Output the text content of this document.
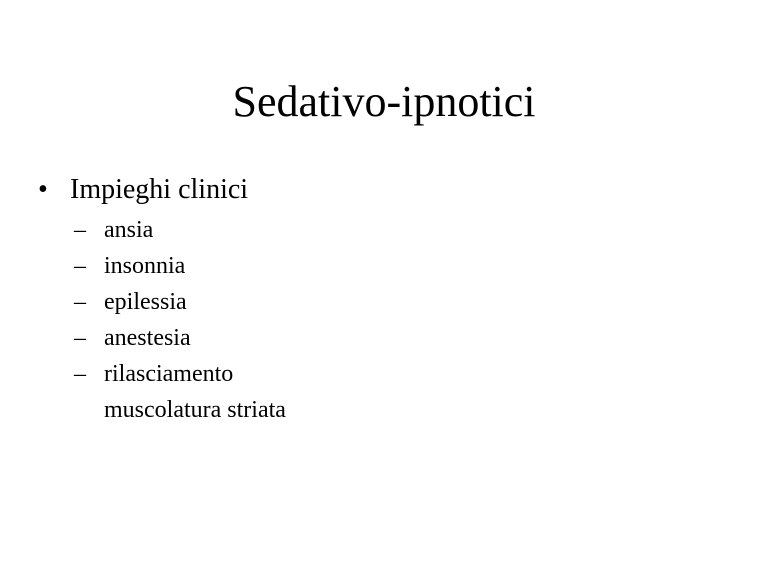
Sedativo-ipnotici
• Impieghi clinici
– ansia
– insonnia
– epilessia
– anestesia
– rilasciamento
muscolatura striata
